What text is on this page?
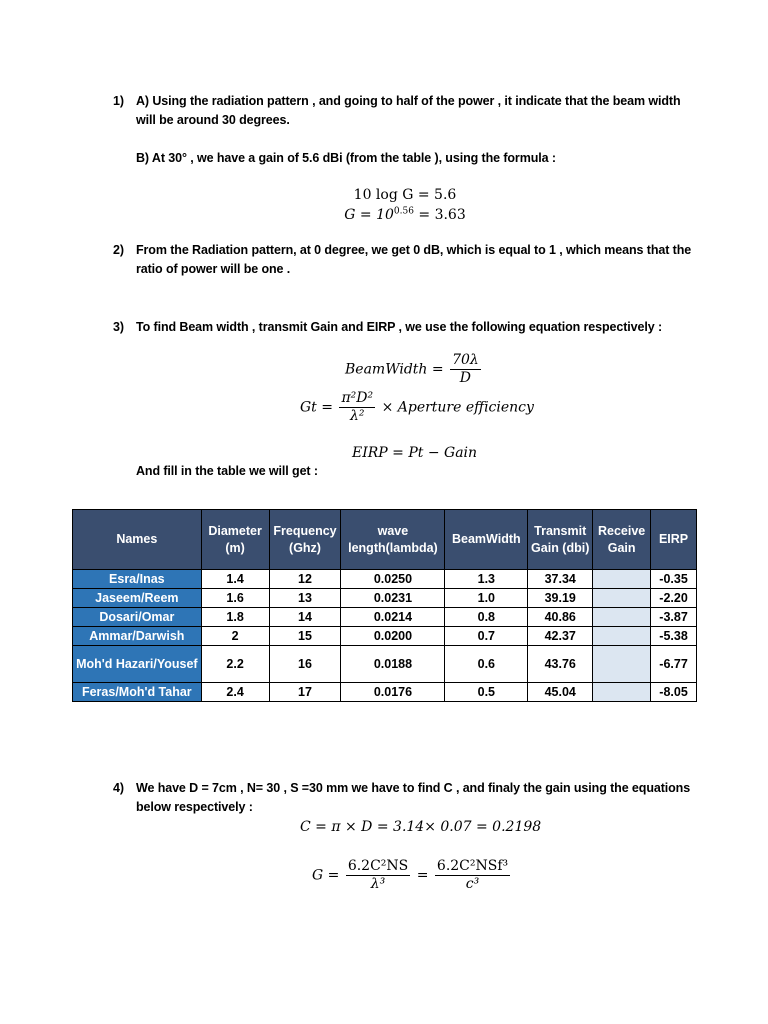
1) A) Using the radiation pattern , and going to half of the power , it indicate that the beam width
will be around 30 degrees.
B) At 30° , we have a gain of 5.6 dBi (from the table ), using the formula :
10 log G = 5.6
$G = 10^{0.56} = 3.63$
2) From the Radiation pattern, at 0 degree, we get 0 dB, which is equal to 1 , which means that the
ratio of power will be one .
3) To find Beam width , transmit Gain and EIRP , we use the following equation respectively :
BeamWidth = $\frac{70\lambda}{D}$
$Gt = \frac{\text{π²D²}}{\text{λ²}}$ × Aperture efficiency
EIRP = Pt − Gain
And fill in the table we will get :
Names	Diameter (m)	Frequency (Ghz)	wave length(lambda)	BeamWidth	Transmit Gain (dbi)	Receive Gain	EIRP
Esra/Inas	1.4	12	0.0250	1.3	37.34		-0.35
Jaseem/Reem	1.6	13	0.0231	1.0	39.19		-2.20
Dosari/Omar	1.8	14	0.0214	0.8	40.86		-3.87
Ammar/Darwish	2	15	0.0200	0.7	42.37		-5.38
Moh'd Hazari/Yousef	2.2	16	0.0188	0.6	43.76		-6.77
Feras/Moh'd Tahar	2.4	17	0.0176	0.5	45.04		-8.05
4) We have D = 7cm , N= 30 , S =30 mm we have to find C , and finaly the gain using the equations
below respectively :
C = π × D = 3.14× 0.07 = 0.2198
$G = \frac{\text{6.2C²NS}}{\text{λ³}} = \frac{\text{6.2C²NSf³}}{\text{c³}}$
